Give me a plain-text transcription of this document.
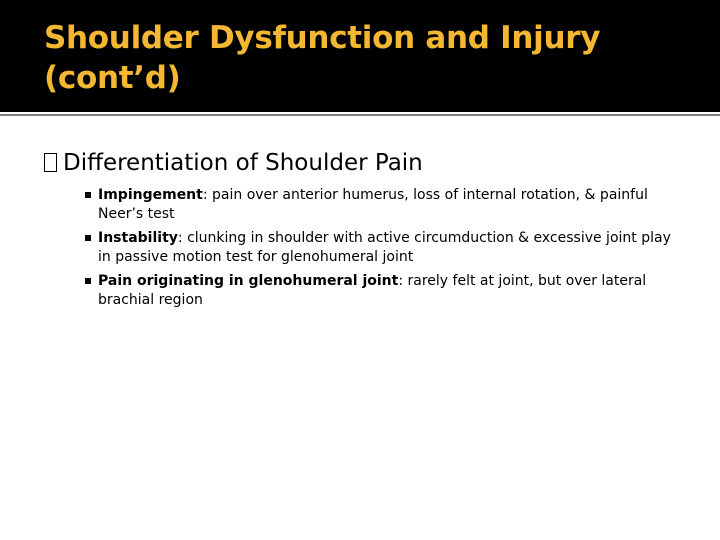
Shoulder Dysfunction and Injury
(cont’d)
Differentiation of Shoulder Pain
Impingement: pain over anterior humerus, loss of internal rotation, & painful Neer’s test
Instability: clunking in shoulder with active circumduction & excessive joint play in passive motion test for glenohumeral joint
Pain originating in glenohumeral joint: rarely felt at joint, but over lateral brachial region
